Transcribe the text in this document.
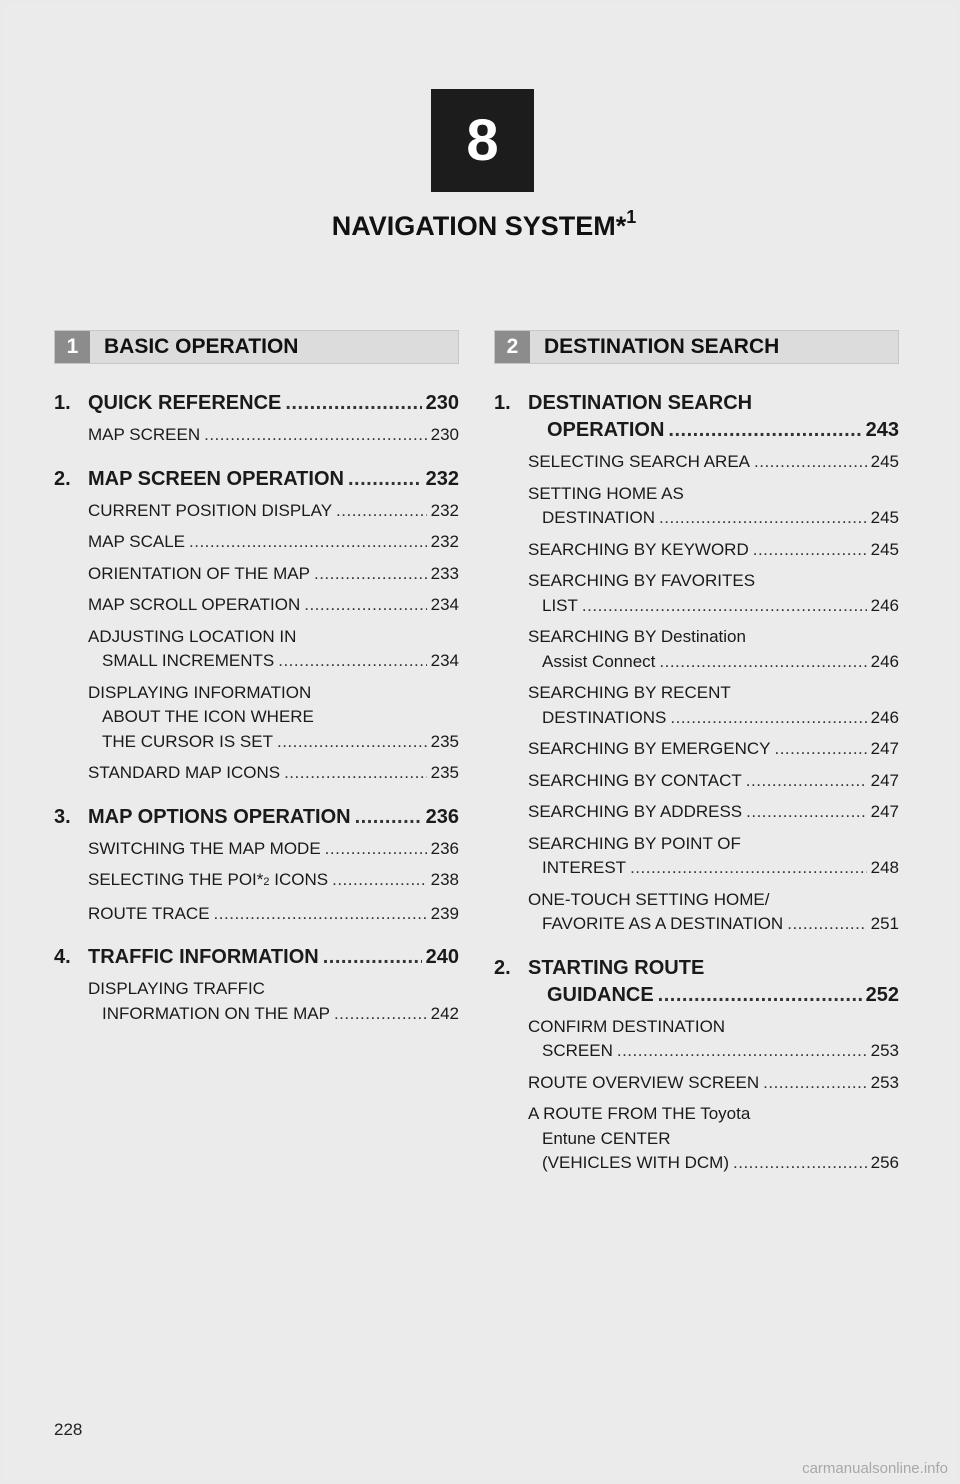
8
NAVIGATION SYSTEM*$^1$
1	BASIC OPERATION	2	DESTINATION SEARCH
1. QUICK REFERENCE .....	230
MAP SCREEN .....	230
2. MAP SCREEN OPERATION .....	232
CURRENT POSITION DISPLAY .....	232
MAP SCALE .....	232
ORIENTATION OF THE MAP .....	233
MAP SCROLL OPERATION .....	234
ADJUSTING LOCATION IN
SMALL INCREMENTS .....	234
DISPLAYING INFORMATION
ABOUT THE ICON WHERE
THE CURSOR IS SET .....	235
STANDARD MAP ICONS .....	235
3. MAP OPTIONS OPERATION .....	236
SWITCHING THE MAP MODE .....	236
SELECTING THE POI* 2 ICONS .....	238
ROUTE TRACE .....	239
4. TRAFFIC INFORMATION .....	240
DISPLAYING TRAFFIC
INFORMATION ON THE MAP .....	242
1. DESTINATION SEARCH
OPERATION .....	243
SELECTING SEARCH AREA .....	245
SETTING HOME AS
DESTINATION .....	245
SEARCHING BY KEYWORD .....	245
SEARCHING BY FAVORITES
LIST .....	246
SEARCHING BY Destination
Assist Connect .....	246
SEARCHING BY RECENT
DESTINATIONS .....	246
SEARCHING BY EMERGENCY .....	247
SEARCHING BY CONTACT .....	247
SEARCHING BY ADDRESS .....	247
SEARCHING BY POINT OF
INTEREST .....	248
ONE-TOUCH SETTING HOME/
FAVORITE AS A DESTINATION .....	251
2. STARTING ROUTE
GUIDANCE .....	252
CONFIRM DESTINATION
SCREEN .....	253
ROUTE OVERVIEW SCREEN .....	253
A ROUTE FROM THE Toyota
Entune CENTER
(VEHICLES WITH DCM) .....	256
228
carmanualsonline.info
